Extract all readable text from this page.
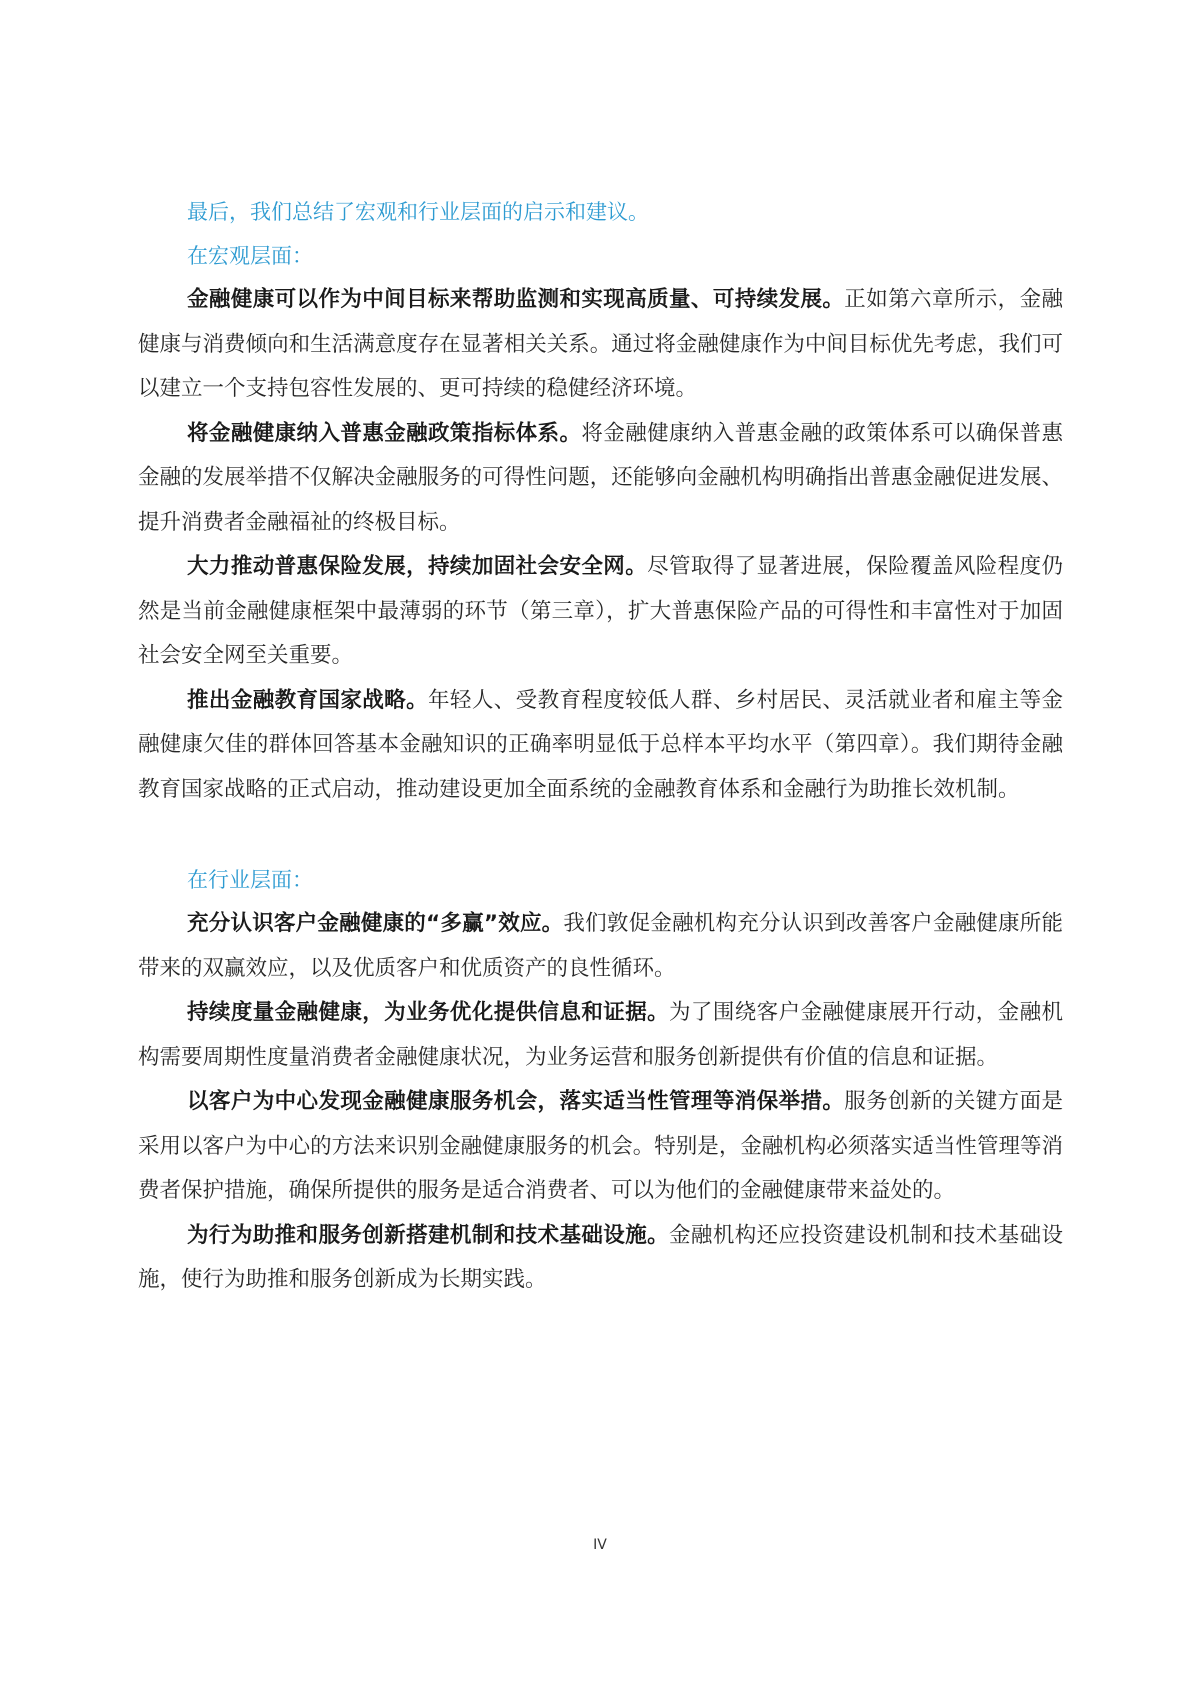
最后，我们总结了宏观和行业层面的启示和建议。

在宏观层面：

金融健康可以作为中间目标来帮助监测和实现高质量、可持续发展。正如第六章所示，金融健康与消费倾向和生活满意度存在显著相关关系。通过将金融健康作为中间目标优先考虑，我们可以建立一个支持包容性发展的、更可持续的稳健经济环境。

将金融健康纳入普惠金融政策指标体系。将金融健康纳入普惠金融的政策体系可以确保普惠金融的发展举措不仅解决金融服务的可得性问题，还能够向金融机构明确指出普惠金融促进发展、提升消费者金融福祉的终极目标。

大力推动普惠保险发展，持续加固社会安全网。尽管取得了显著进展，保险覆盖风险程度仍然是当前金融健康框架中最薄弱的环节（第三章），扩大普惠保险产品的可得性和丰富性对于加固社会安全网至关重要。

推出金融教育国家战略。年轻人、受教育程度较低人群、乡村居民、灵活就业者和雇主等金融健康欠佳的群体回答基本金融知识的正确率明显低于总样本平均水平（第四章）。我们期待金融教育国家战略的正式启动，推动建设更加全面系统的金融教育体系和金融行为助推长效机制。

在行业层面：

充分认识客户金融健康的“多赢”效应。我们敦促金融机构充分认识到改善客户金融健康所能带来的双赢效应，以及优质客户和优质资产的良性循环。

持续度量金融健康，为业务优化提供信息和证据。为了围绕客户金融健康展开行动，金融机构需要周期性度量消费者金融健康状况，为业务运营和服务创新提供有价值的信息和证据。

以客户为中心发现金融健康服务机会，落实适当性管理等消保举措。服务创新的关键方面是采用以客户为中心的方法来识别金融健康服务的机会。特别是，金融机构必须落实适当性管理等消费者保护措施，确保所提供的服务是适合消费者、可以为他们的金融健康带来益处的。

为行为助推和服务创新搭建机制和技术基础设施。金融机构还应投资建设机制和技术基础设施，使行为助推和服务创新成为长期实践。

IV
